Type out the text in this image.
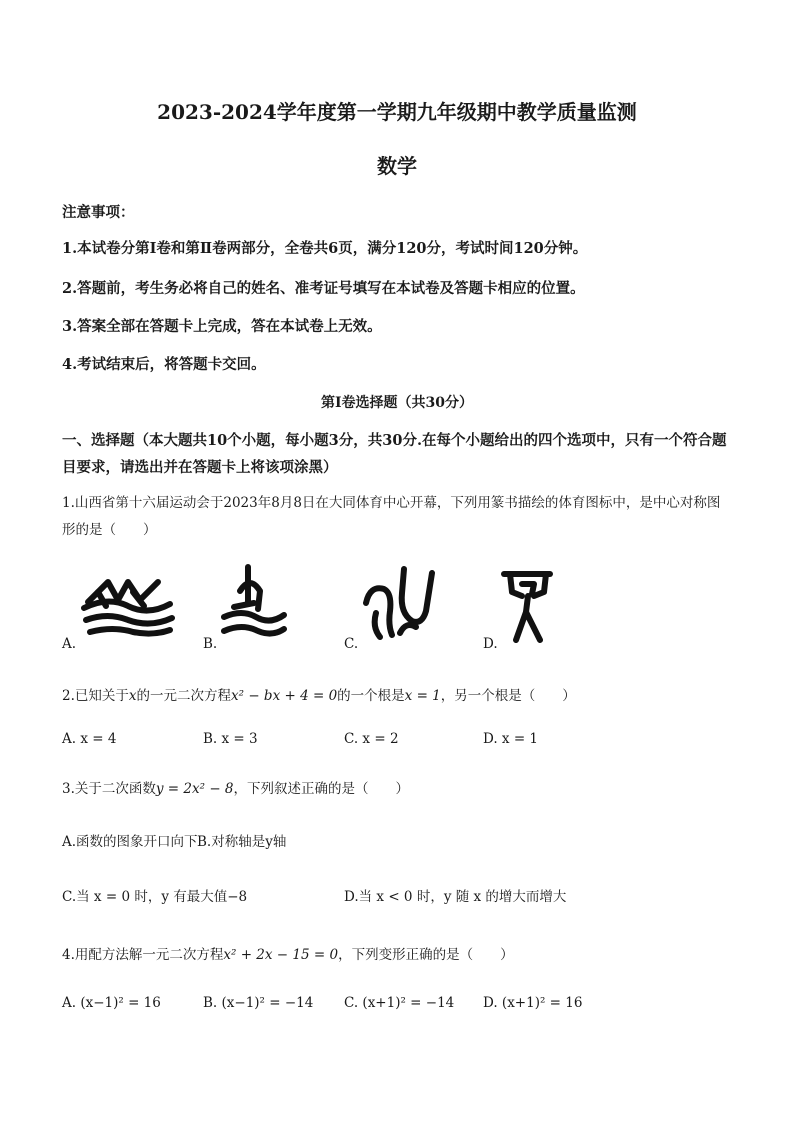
2023-2024学年度第一学期九年级期中教学质量监测
数学
注意事项：
1.本试卷分第Ⅰ卷和第Ⅱ卷两部分，全卷共6页，满分120分，考试时间120分钟。
2.答题前，考生务必将自己的姓名、准考证号填写在本试卷及答题卡相应的位置。
3.答案全部在答题卡上完成，答在本试卷上无效。
4.考试结束后，将答题卡交回。
第Ⅰ卷选择题（共30分）
一、选择题（本大题共10个小题，每小题3分，共30分.在每个小题给出的四个选项中，只有一个符合题目要求，请选出并在答题卡上将该项涂黑）
1.山西省第十六届运动会于2023年8月8日在大同体育中心开幕，下列用篆书描绘的体育图标中，是中心对称图形的是（　　）
A.	B.	C.	D.
2.已知关于x的一元二次方程x² − bx + 4 = 0的一个根是x = 1，另一个根是（　　）
A. x = 4	B. x = 3	C. x = 2	D. x = 1
3.关于二次函数y = 2x² − 8，下列叙述正确的是（　　）
A.函数的图象开口向下 B.对称轴是y轴
C.当 x = 0 时，y 有最大值−8	D.当 x < 0 时，y 随 x 的增大而增大
4.用配方法解一元二次方程x² + 2x − 15 = 0，下列变形正确的是（　　）
A. (x−1)² = 16	B. (x−1)² = −14 C. (x+1)² = −14 D. (x+1)² = 16
